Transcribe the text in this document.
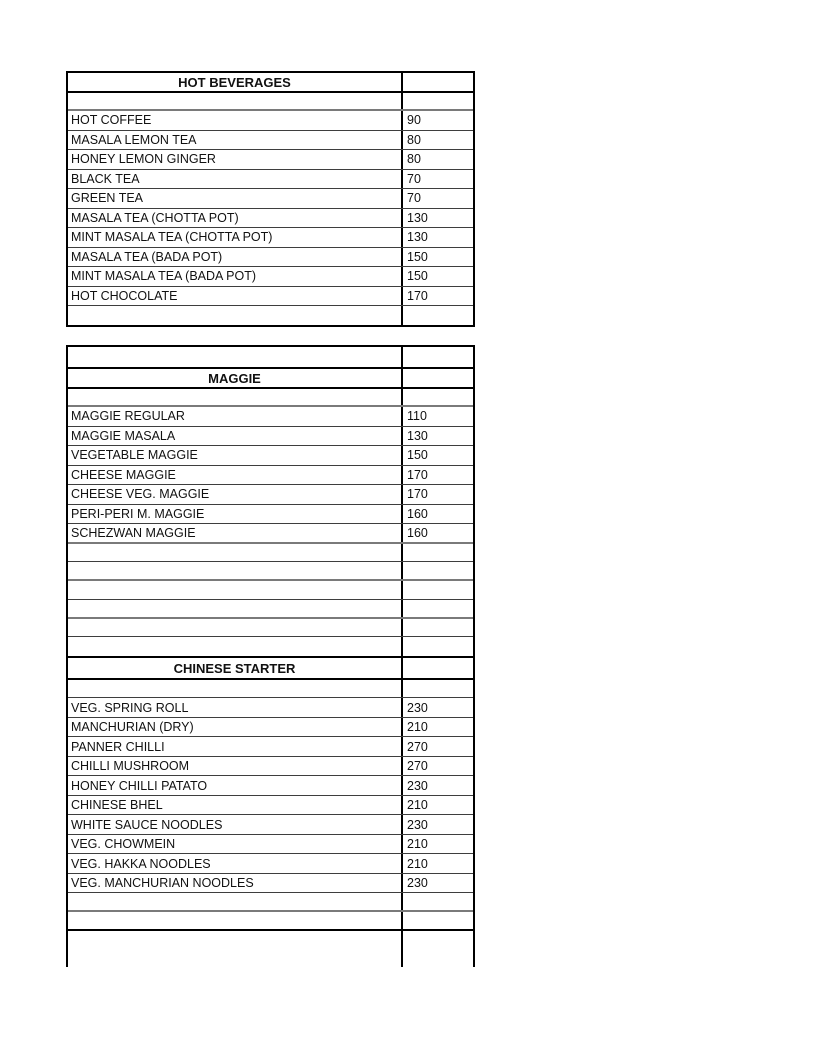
HOT BEVERAGES
HOT COFFEE	90
MASALA LEMON TEA	80
HONEY LEMON GINGER	80
BLACK TEA	70
GREEN TEA	70
MASALA TEA (CHOTTA POT)	130
MINT MASALA TEA (CHOTTA POT)	130
MASALA TEA (BADA POT)	150
MINT MASALA TEA (BADA POT)	150
HOT CHOCOLATE	170
MAGGIE
MAGGIE REGULAR	110
MAGGIE MASALA	130
VEGETABLE MAGGIE	150
CHEESE MAGGIE	170
CHEESE VEG. MAGGIE	170
PERI-PERI M. MAGGIE	160
SCHEZWAN MAGGIE	160
CHINESE STARTER
VEG. SPRING ROLL	230
MANCHURIAN (DRY)	210
PANNER CHILLI	270
CHILLI MUSHROOM	270
HONEY CHILLI PATATO	230
CHINESE BHEL	210
WHITE SAUCE NOODLES	230
VEG. CHOWMEIN	210
VEG. HAKKA NOODLES	210
VEG. MANCHURIAN NOODLES	230
